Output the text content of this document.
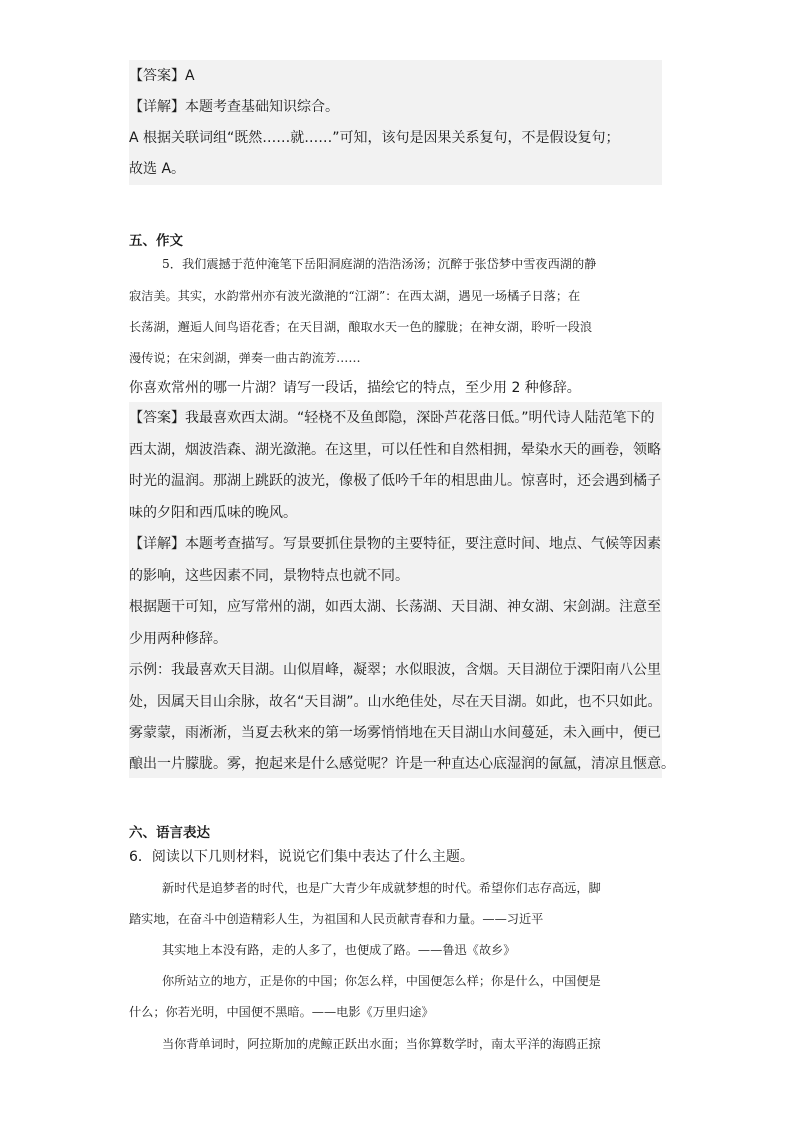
【答案】A
【详解】本题考查基础知识综合。
A 根据关联词组“既然……就……”可知，该句是因果关系复句，不是假设复句；
故选 A。
五、作文
5．我们震撼于范仲淹笔下岳阳洞庭湖的浩浩汤汤；沉醉于张岱梦中雪夜西湖的静
寂洁美。其实，水韵常州亦有波光潋滟的“江湖”：在西太湖，遇见一场橘子日落；在
长荡湖，邂逅人间鸟语花香；在天目湖，酿取水天一色的朦胧；在神女湖，聆听一段浪
漫传说；在宋剑湖，弹奏一曲古韵流芳……
你喜欢常州的哪一片湖？请写一段话，描绘它的特点，至少用 2 种修辞。
【答案】我最喜欢西太湖。“轻桡不及鱼郎隐，深卧芦花落日低。”明代诗人陆范笔下的
西太湖，烟波浩森、湖光潋滟。在这里，可以任性和自然相拥，晕染水天的画卷，领略
时光的温润。那湖上跳跃的波光，像极了低吟千年的相思曲儿。惊喜时，还会遇到橘子
味的夕阳和西瓜味的晚风。
【详解】本题考查描写。写景要抓住景物的主要特征，要注意时间、地点、气候等因素
的影响，这些因素不同，景物特点也就不同。
根据题干可知，应写常州的湖，如西太湖、长荡湖、天目湖、神女湖、宋剑湖。注意至
少用两种修辞。
示例：我最喜欢天目湖。山似眉峰，凝翠；水似眼波，含烟。天目湖位于溧阳南八公里
处，因属天目山余脉，故名“天目湖”。山水绝佳处，尽在天目湖。如此，也不只如此。
雾蒙蒙，雨淅淅，当夏去秋来的第一场雾悄悄地在天目湖山水间蔓延，未入画中，便已
酿出一片朦胧。雾，抱起来是什么感觉呢？许是一种直达心底湿润的氤氲，清凉且惬意。
六、语言表达
6．阅读以下几则材料，说说它们集中表达了什么主题。
新时代是追梦者的时代，也是广大青少年成就梦想的时代。希望你们志存高远，脚
踏实地，在奋斗中创造精彩人生，为祖国和人民贡献青春和力量。——习近平
其实地上本没有路，走的人多了，也便成了路。——鲁迅《故乡》
你所站立的地方，正是你的中国；你怎么样，中国便怎么样；你是什么，中国便是
什么；你若光明，中国便不黑暗。——电影《万里归途》
当你背单词时，阿拉斯加的虎鲸正跃出水面；当你算数学时，南太平洋的海鸥正掠
